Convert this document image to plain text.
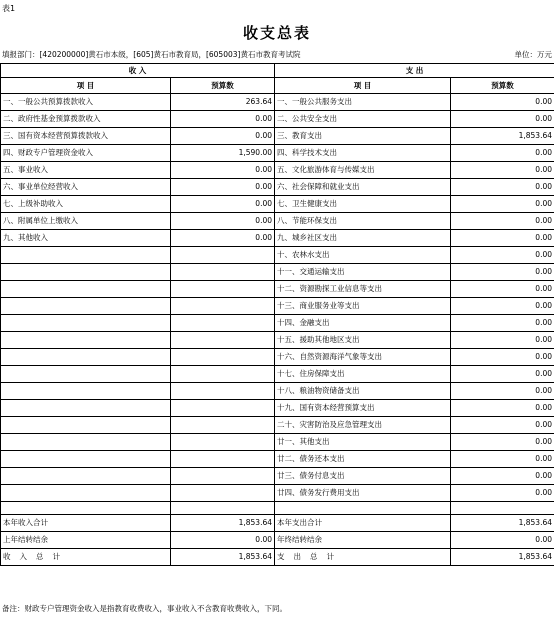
表1
收支总表
填报部门：[420200000]黄石市本级，[605]黄石市教育局，[605003]黄石市教育考试院	单位：万元
收 入		支 出	
项 目	预算数	项 目	预算数
一、一般公共预算拨款收入	263.64	一、一般公共服务支出	0.00
二、政府性基金预算拨款收入	0.00	二、公共安全支出	0.00
三、国有资本经营预算拨款收入	0.00	三、教育支出	1,853.64
四、财政专户管理资金收入	1,590.00	四、科学技术支出	0.00
五、事业收入	0.00	五、文化旅游体育与传媒支出	0.00
六、事业单位经营收入	0.00	六、社会保障和就业支出	0.00
七、上级补助收入	0.00	七、卫生健康支出	0.00
八、附属单位上缴收入	0.00	八、节能环保支出	0.00
九、其他收入	0.00	九、城乡社区支出	0.00
		十、农林水支出	0.00
		十一、交通运输支出	0.00
		十二、资源勘探工业信息等支出	0.00
		十三、商业服务业等支出	0.00
		十四、金融支出	0.00
		十五、援助其他地区支出	0.00
		十六、自然资源海洋气象等支出	0.00
		十七、住房保障支出	0.00
		十八、粮油物资储备支出	0.00
		十九、国有资本经营预算支出	0.00
		二十、灾害防治及应急管理支出	0.00
		廿一、其他支出	0.00
		廿二、债务还本支出	0.00
		廿三、债务付息支出	0.00
		廿四、债务发行费用支出	0.00

本年收入合计	1,853.64	本年支出合计	1,853.64
上年结转结余	0.00	年终结转结余	0.00
收入总计	1,853.64	支出总计	1,853.64
备注：财政专户管理资金收入是指教育收费收入，事业收入不含教育收费收入，下同。
